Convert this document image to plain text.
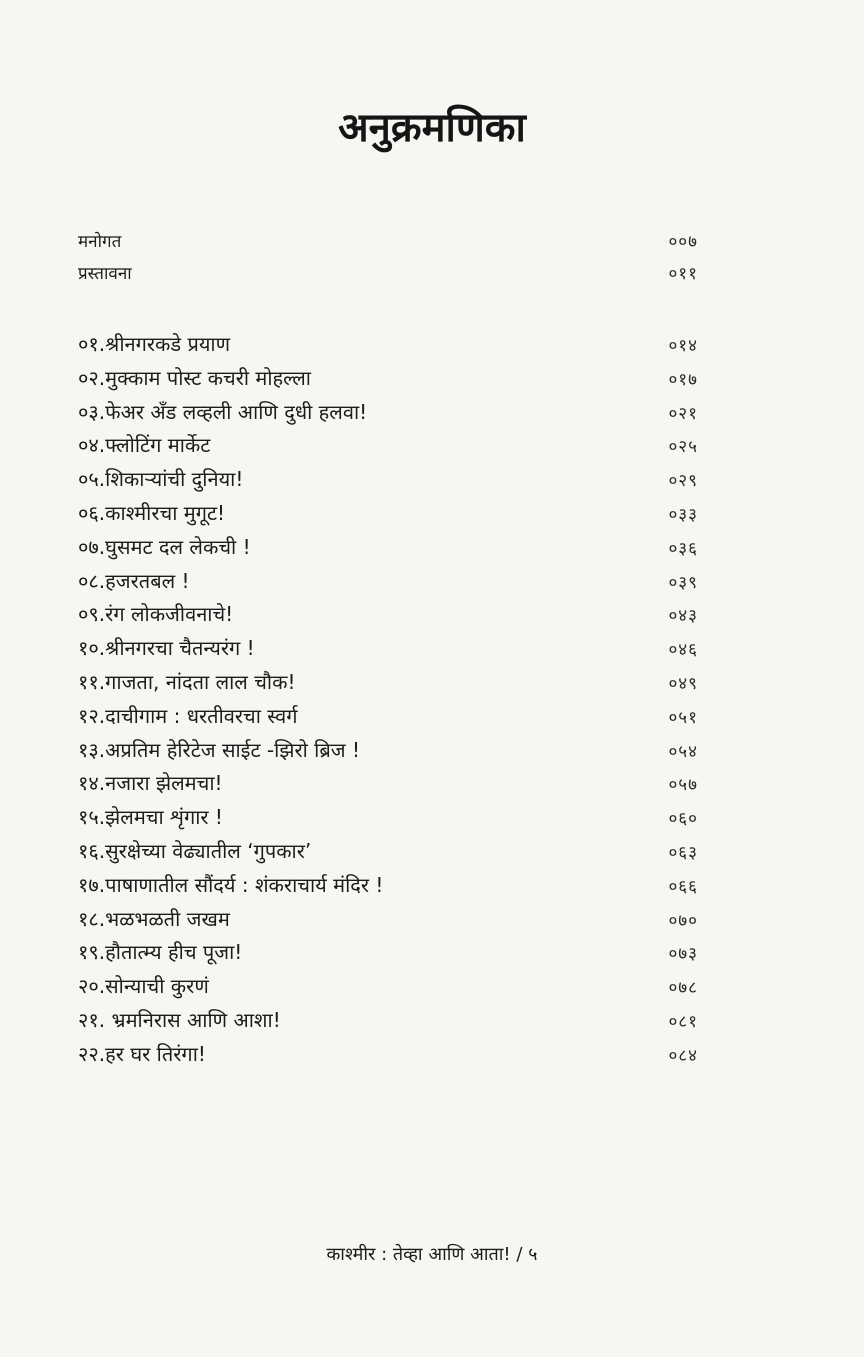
अनुक्रमणिका
मनोगत	००७
प्रस्तावना	०११
०१.श्रीनगरकडे प्रयाण	०१४
०२.मुक्काम पोस्ट कचरी मोहल्ला	०१७
०३.फेअर अँड लव्हली आणि दुधी हलवा!	०२१
०४.फ्लोटिंग मार्केट	०२५
०५.शिकाऱ्यांची दुनिया!	०२९
०६.काश्मीरचा मुगूट!	०३३
०७.घुसमट दल लेकची !	०३६
०८.हजरतबल !	०३९
०९.रंग लोकजीवनाचे!	०४३
१०.श्रीनगरचा चैतन्यरंग !	०४६
११.गाजता, नांदता लाल चौक!	०४९
१२.दाचीगाम : धरतीवरचा स्वर्ग	०५१
१३.अप्रतिम हेरिटेज साईट -झिरो ब्रिज !	०५४
१४.नजारा झेलमचा!	०५७
१५.झेलमचा शृंगार !	०६०
१६.सुरक्षेच्या वेढ्यातील ‘गुपकार’	०६३
१७.पाषाणातील सौंदर्य : शंकराचार्य मंदिर !	०६६
१८.भळभळती जखम	०७०
१९.हौतात्म्य हीच पूजा!	०७३
२०.सोन्याची कुरणं	०७८
२१. भ्रमनिरास आणि आशा!	०८१
२२.हर घर तिरंगा!	०८४
काश्मीर : तेव्हा आणि आता! / ५
